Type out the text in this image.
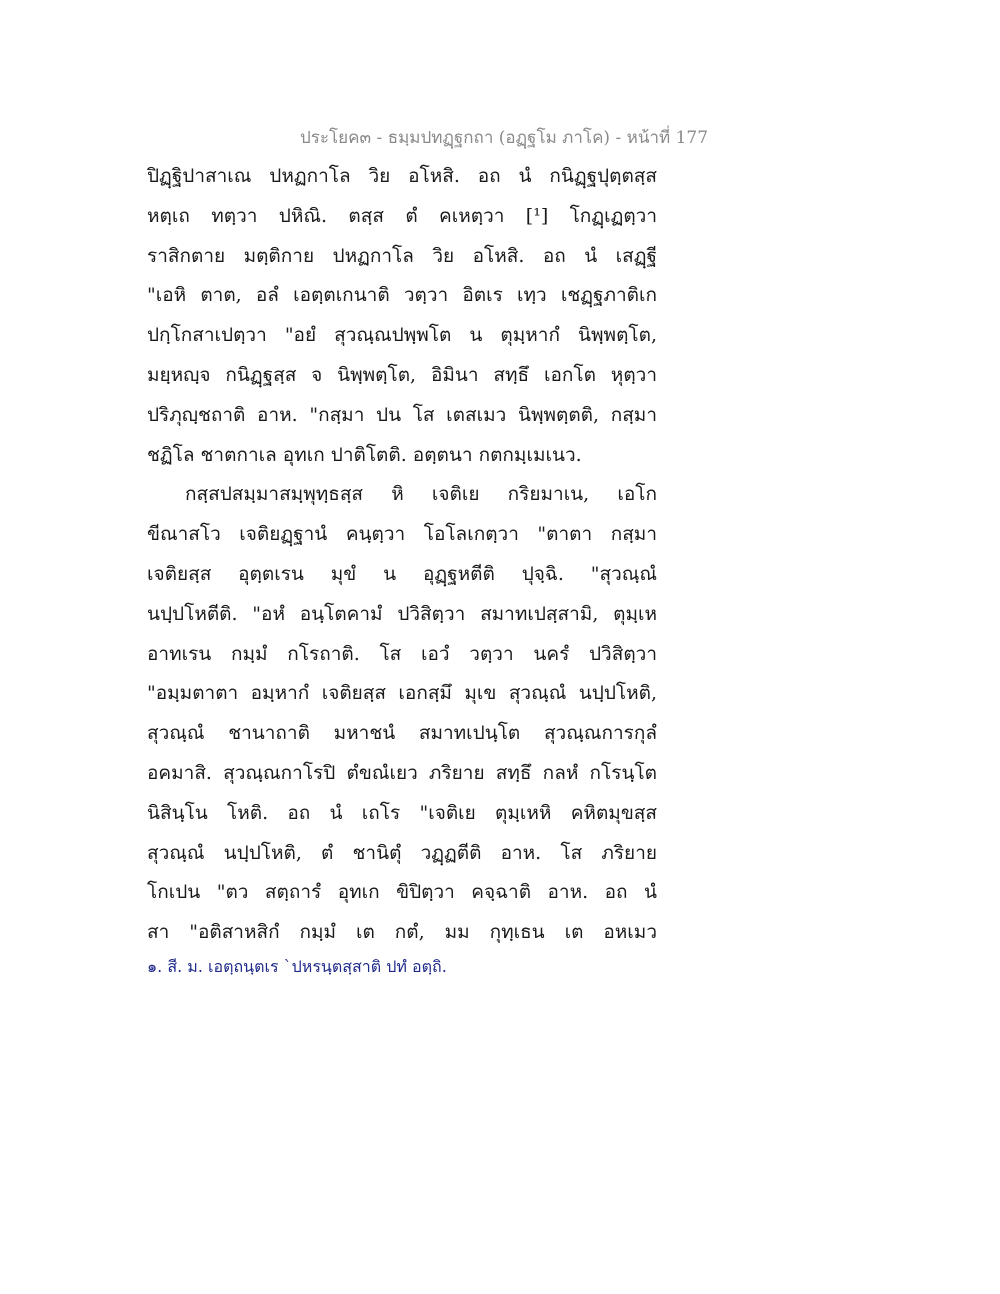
ประโยค๓ - ธมฺมปทฏฺฐกถา (อฏฺฐโม ภาโค) - หน้าที่ 177
ปิฏฺฐิปาสาเณ ปหฏกาโล วิย อโหสิ. อถ นํ กนิฏฺฐปุตฺตสฺส
หตฺเถ ทตฺวา ปหิณิ. ตสฺส ตํ คเหตฺวา [¹] โกฏฺเฏตฺวา
ราสิกตาย มตฺติกาย ปหฏกาโล วิย อโหสิ. อถ นํ เสฏฺฐี
"เอหิ ตาต, อลํ เอตฺตเกนาติ วตฺวา อิตเร เทฺว เชฏฺฐภาติเก
ปกฺโกสาเปตฺวา "อยํ สุวณฺณปพฺพโต น ตุมฺหากํ นิพฺพตฺโต,
มยฺหญฺจ กนิฏฺฐสฺส จ นิพฺพตฺโต, อิมินา สทฺธึ เอกโต หุตฺวา
ปริภุญฺชถาติ อาห. "กสฺมา ปน โส เตสเมว นิพฺพตฺตติ, กสฺมา
ชฏิโล ชาตกาเล อุทเก ปาติโตติ. อตฺตนา กตกมฺเมเนว.
กสฺสปสมฺมาสมฺพุทฺธสฺส หิ เจติเย กริยมาเน, เอโก
ขีณาสโว เจติยฏฺฐานํ คนฺตฺวา โอโลเกตฺวา "ตาตา กสฺมา
เจติยสฺส อุตฺตเรน มุขํ น อุฏฺฐหตีติ ปุจฺฉิ. "สุวณฺณํ
นปฺปโหตีติ. "อหํ อนฺโตคามํ ปวิสิตฺวา สมาทเปสฺสามิ, ตุมฺเห
อาทเรน กมฺมํ กโรถาติ. โส เอวํ วตฺวา นครํ ปวิสิตฺวา
"อมฺมตาตา อมฺหากํ เจติยสฺส เอกสฺมึ มุเข สุวณฺณํ นปฺปโหติ,
สุวณฺณํ ชานาถาติ มหาชนํ สมาทเปนฺโต สุวณฺณการกุลํ
อคมาสิ. สุวณฺณกาโรปิ ตํขณํเยว ภริยาย สทฺธึ กลหํ กโรนฺโต
นิสินฺโน โหติ. อถ นํ เถโร "เจติเย ตุมฺเหหิ คหิตมุขสฺส
สุวณฺณํ นปฺปโหติ, ตํ ชานิตุํ วฏฺฏตีติ อาห. โส ภริยาย
โกเปน "ตว สตฺถารํ อุทเก ขิปิตฺวา คจฺฉาติ อาห. อถ นํ
สา "อติสาหสิกํ กมฺมํ เต กตํ, มม กุทฺเธน เต อหเมว
๑. สี. ม. เอตฺถนฺตเร `ปหรนฺตสฺสาติ ปทํ อตฺถิ.
